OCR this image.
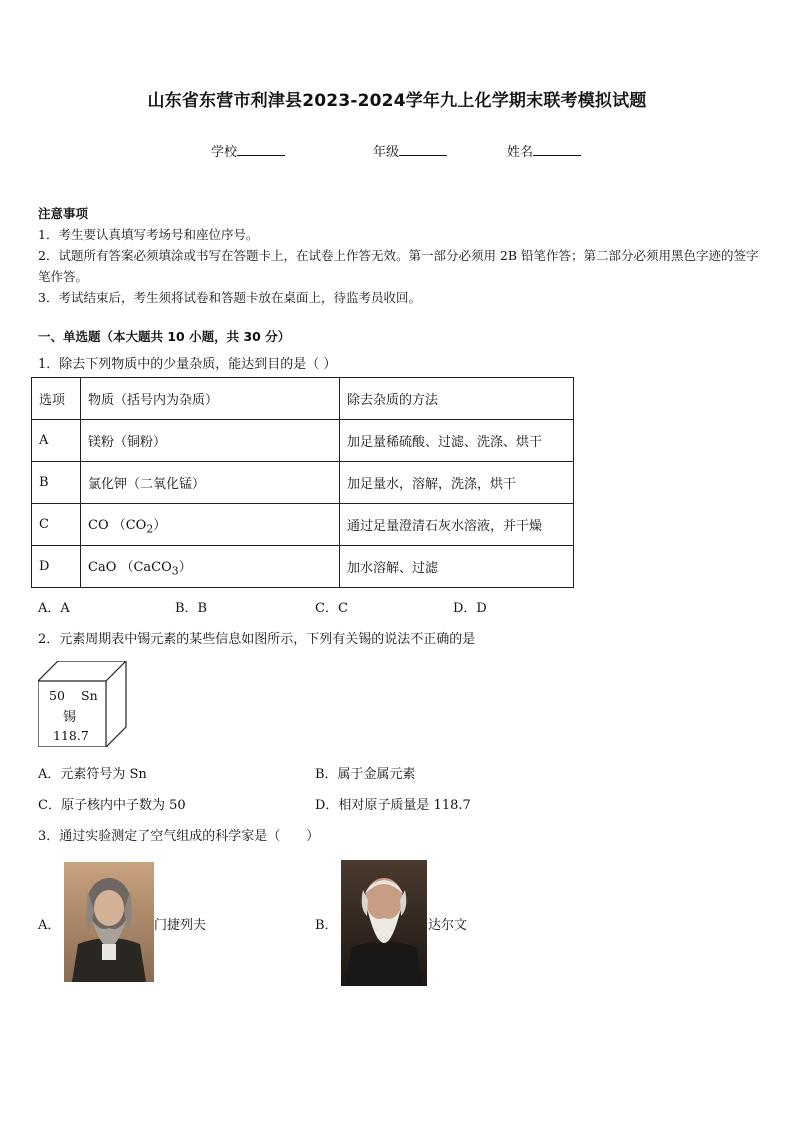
山东省东营市利津县2023-2024学年九上化学期末联考模拟试题
学校	年级	姓名
注意事项

1．考生要认真填写考场号和座位序号。

2．试题所有答案必须填涂或书写在答题卡上，在试卷上作答无效。第一部分必须用 2B 铅笔作答；第二部分必须用黑色字迹的签字笔作答。

3．考试结束后，考生须将试卷和答题卡放在桌面上，待监考员收回。

一、单选题（本大题共 10 小题，共 30 分）
1．除去下列物质中的少量杂质，能达到目的是（ ）
选项	物质（括号内为杂质）	除去杂质的方法
A	镁粉（铜粉）	加足量稀硫酸、过滤、洗涤、烘干
B	氯化钾（二氧化锰）	加足量水，溶解，洗涤，烘干
C	CO $(CO_2)$	通过足量澄清石灰水溶液，并干燥
D	CaO （CaCO$_3$）	加水溶解、过滤
A．A	B．B	C．C	D．D
2．元素周期表中锡元素的某些信息如图所示，下列有关锡的说法不正确的是
50 Sn
锡
118.7
A．元素符号为 Sn	B．属于金属元素
C．原子核内中子数为 50	D．相对原子质量是 118.7
3．通过实验测定了空气组成的科学家是（　　）
A．	门捷列夫	B．	达尔文
